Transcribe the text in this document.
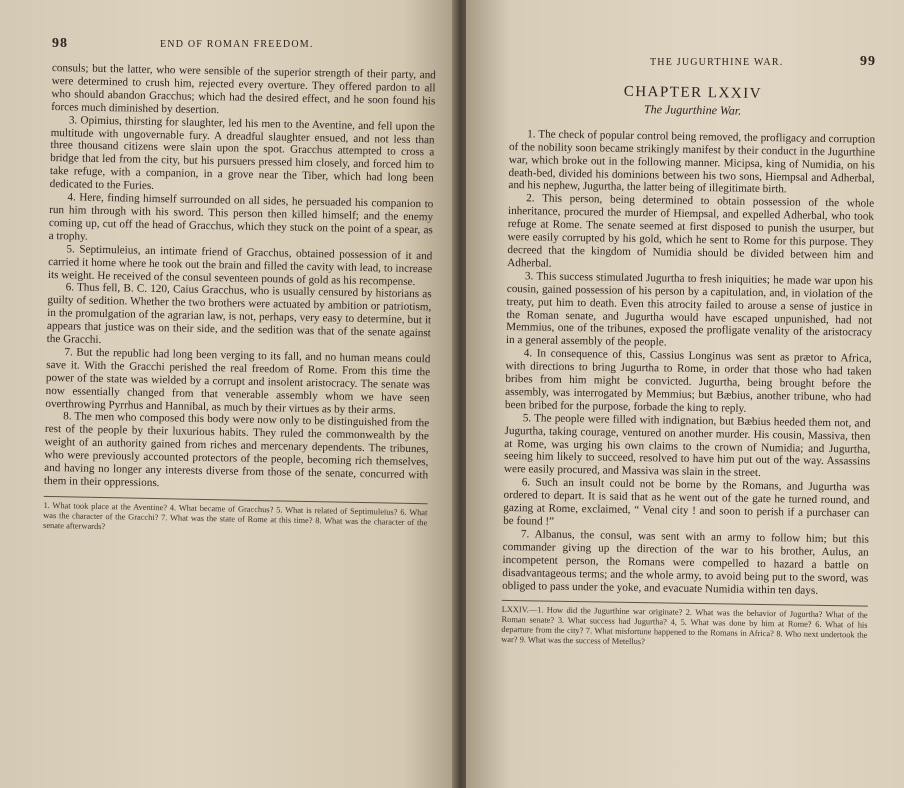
98	END OF ROMAN FREEDOM.

consuls; but the latter, who were sensible of the superior strength of their party, and were determined to crush him, rejected every overture. They offered pardon to all who should abandon Gracchus; which had the desired effect, and he soon found his forces much diminished by desertion.

3. Opimius, thirsting for slaughter, led his men to the Aventine, and fell upon the multitude with ungovernable fury. A dreadful slaughter ensued, and not less than three thousand citizens were slain upon the spot. Gracchus attempted to cross a bridge that led from the city, but his pursuers pressed him closely, and forced him to take refuge, with a companion, in a grove near the Tiber, which had long been dedicated to the Furies.

4. Here, finding himself surrounded on all sides, he persuaded his companion to run him through with his sword. This person then killed himself; and the enemy coming up, cut off the head of Gracchus, which they stuck on the point of a spear, as a trophy.

5. Septimuleius, an intimate friend of Gracchus, obtained possession of it and carried it home where he took out the brain and filled the cavity with lead, to increase its weight. He received of the consul seventeen pounds of gold as his recompense.

6. Thus fell, B. C. 120, Caius Gracchus, who is usually censured by historians as guilty of sedition. Whether the two brothers were actuated by ambition or patriotism, in the promulgation of the agrarian law, is not, perhaps, very easy to determine, but it appears that justice was on their side, and the sedition was that of the senate against the Gracchi.

7. But the republic had long been verging to its fall, and no human means could save it. With the Gracchi perished the real freedom of Rome. From this time the power of the state was wielded by a corrupt and insolent aristocracy. The senate was now essentially changed from that venerable assembly whom we have seen overthrowing Pyrrhus and Hannibal, as much by their virtues as by their arms.

8. The men who composed this body were now only to be distinguished from the rest of the people by their luxurious habits. They ruled the commonwealth by the weight of an authority gained from riches and mercenary dependents. The tribunes, who were previously accounted protectors of the people, becoming rich themselves, and having no longer any interests diverse from those of the senate, concurred with them in their oppressions.

1. What took place at the Aventine? 4. What became of Gracchus? 5. What is related of Septimuleius? 6. What was the character of the Gracchi? 7. What was the state of Rome at this time? 8. What was the character of the senate afterwards?
THE JUGURTHINE WAR.	99
CHAPTER LXXIV
The Jugurthine War.

1. The check of popular control being removed, the profligacy and corruption of the nobility soon became strikingly manifest by their conduct in the Jugurthine war, which broke out in the following manner. Micipsa, king of Numidia, on his death-bed, divided his dominions between his two sons, Hiempsal and Adherbal, and his nephew, Jugurtha, the latter being of illegitimate birth.

2. This person, being determined to obtain possession of the whole inheritance, procured the murder of Hiempsal, and expelled Adherbal, who took refuge at Rome. The senate seemed at first disposed to punish the usurper, but were easily corrupted by his gold, which he sent to Rome for this purpose. They decreed that the kingdom of Numidia should be divided between him and Adherbal.

3. This success stimulated Jugurtha to fresh iniquities; he made war upon his cousin, gained possession of his person by a capitulation, and, in violation of the treaty, put him to death. Even this atrocity failed to arouse a sense of justice in the Roman senate, and Jugurtha would have escaped unpunished, had not Memmius, one of the tribunes, exposed the profligate venality of the aristocracy in a general assembly of the people.

4. In consequence of this, Cassius Longinus was sent as prætor to Africa, with directions to bring Jugurtha to Rome, in order that those who had taken bribes from him might be convicted. Jugurtha, being brought before the assembly, was interrogated by Memmius; but Bæbius, another tribune, who had been bribed for the purpose, forbade the king to reply.

5. The people were filled with indignation, but Bæbius heeded them not, and Jugurtha, taking courage, ventured on another murder. His cousin, Massiva, then at Rome, was urging his own claims to the crown of Numidia; and Jugurtha, seeing him likely to succeed, resolved to have him put out of the way. Assassins were easily procured, and Massiva was slain in the street.

6. Such an insult could not be borne by the Romans, and Jugurtha was ordered to depart. It is said that as he went out of the gate he turned round, and gazing at Rome, exclaimed, “ Venal city ! and soon to perish if a purchaser can be found !”

7. Albanus, the consul, was sent with an army to follow him; but this commander giving up the direction of the war to his brother, Aulus, an incompetent person, the Romans were compelled to hazard a battle on disadvantageous terms; and the whole army, to avoid being put to the sword, was obliged to pass under the yoke, and evacuate Numidia within ten days.

LXXIV.—1. How did the Jugurthine war originate? 2. What was the behavior of Jugurtha? What of the Roman senate? 3. What success had Jugurtha? 4, 5. What was done by him at Rome? 6. What of his departure from the city? 7. What misfortune happened to the Romans in Africa? 8. Who next undertook the war? 9. What was the success of Metellus?
